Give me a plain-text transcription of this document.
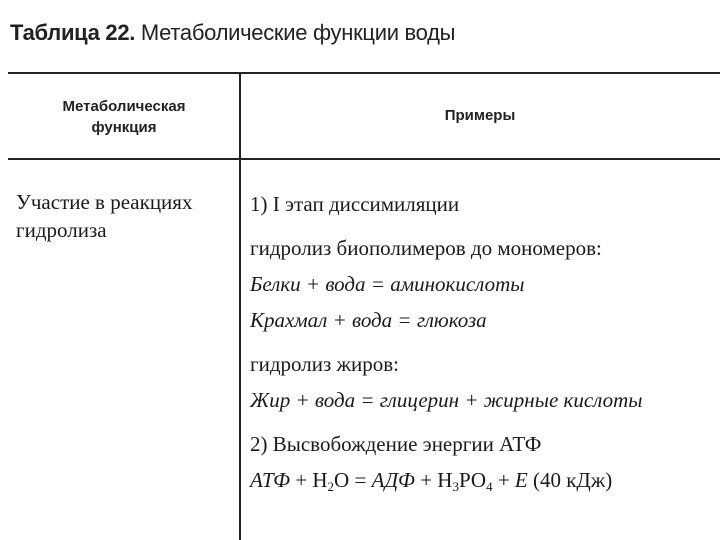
Таблица 22. Метаболические функции воды
Метаболическая
функция
Примеры
Участие в реакциях
гидролиза
1) I этап диссимиляции
гидролиз биополимеров до мономеров:
Белки + вода = аминокислоты
Крахмал + вода = глюкоза
гидролиз жиров:
Жир + вода = глицерин + жирные кислоты
2) Высвобождение энергии АТФ
АТФ + $Н_2О$ = АДФ + $Н_3РО_4 + Е$ (40 кДж)
